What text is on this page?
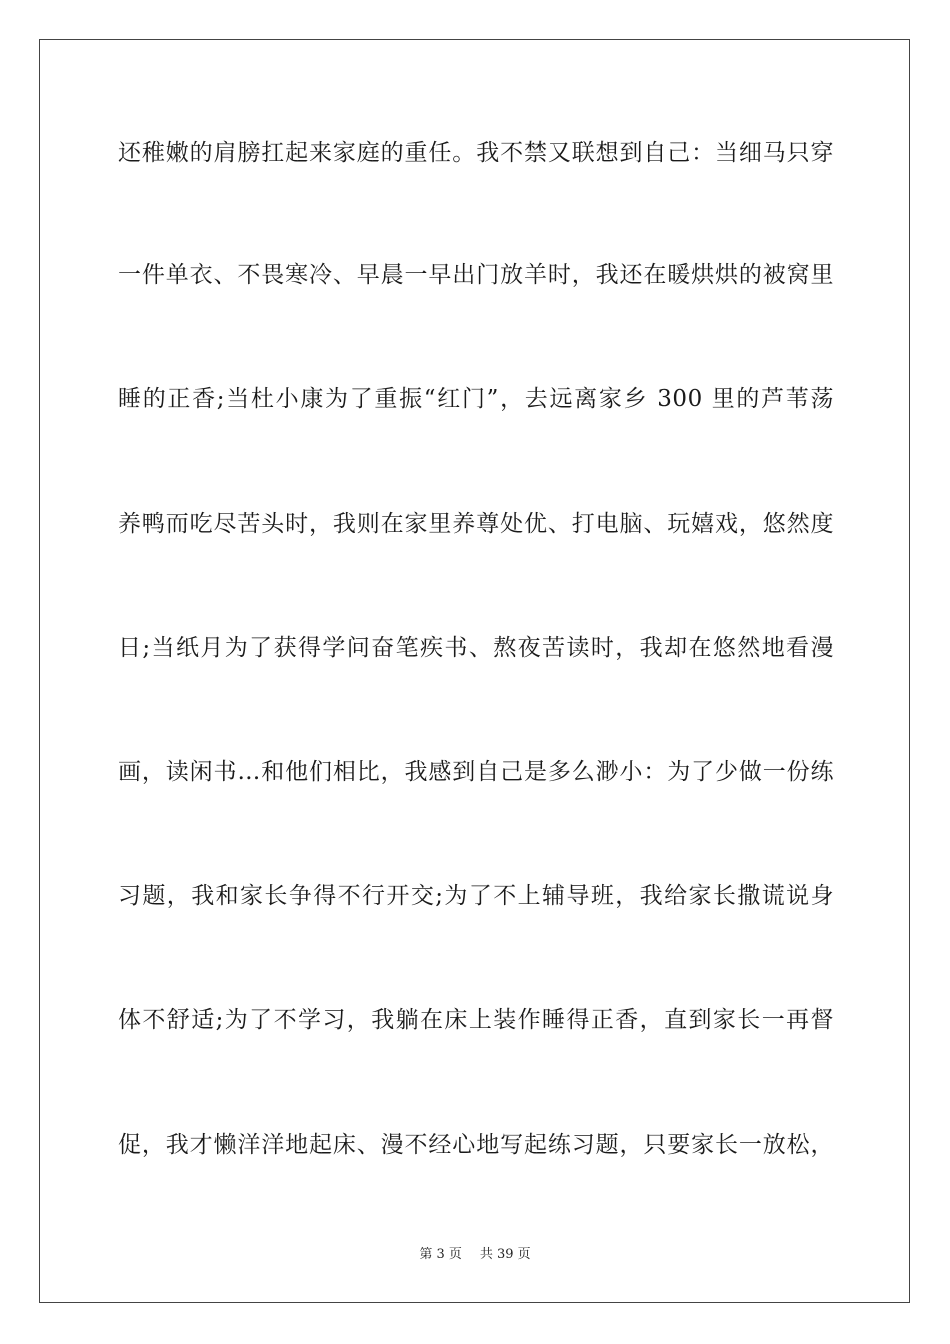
还稚嫩的肩膀扛起来家庭的重任。我不禁又联想到自己：当细马只穿
一件单衣、不畏寒冷、早晨一早出门放羊时，我还在暖烘烘的被窝里
睡的正香;当杜小康为了重振“红门”，去远离家乡 300 里的芦苇荡
养鸭而吃尽苦头时，我则在家里养尊处优、打电脑、玩嬉戏，悠然度
日;当纸月为了获得学问奋笔疾书、熬夜苦读时，我却在悠然地看漫
画，读闲书…和他们相比，我感到自己是多么渺小：为了少做一份练
习题，我和家长争得不行开交;为了不上辅导班，我给家长撒谎说身
体不舒适;为了不学习，我躺在床上装作睡得正香，直到家长一再督
促，我才懒洋洋地起床、漫不经心地写起练习题，只要家长一放松，
第 3 页 共 39 页
